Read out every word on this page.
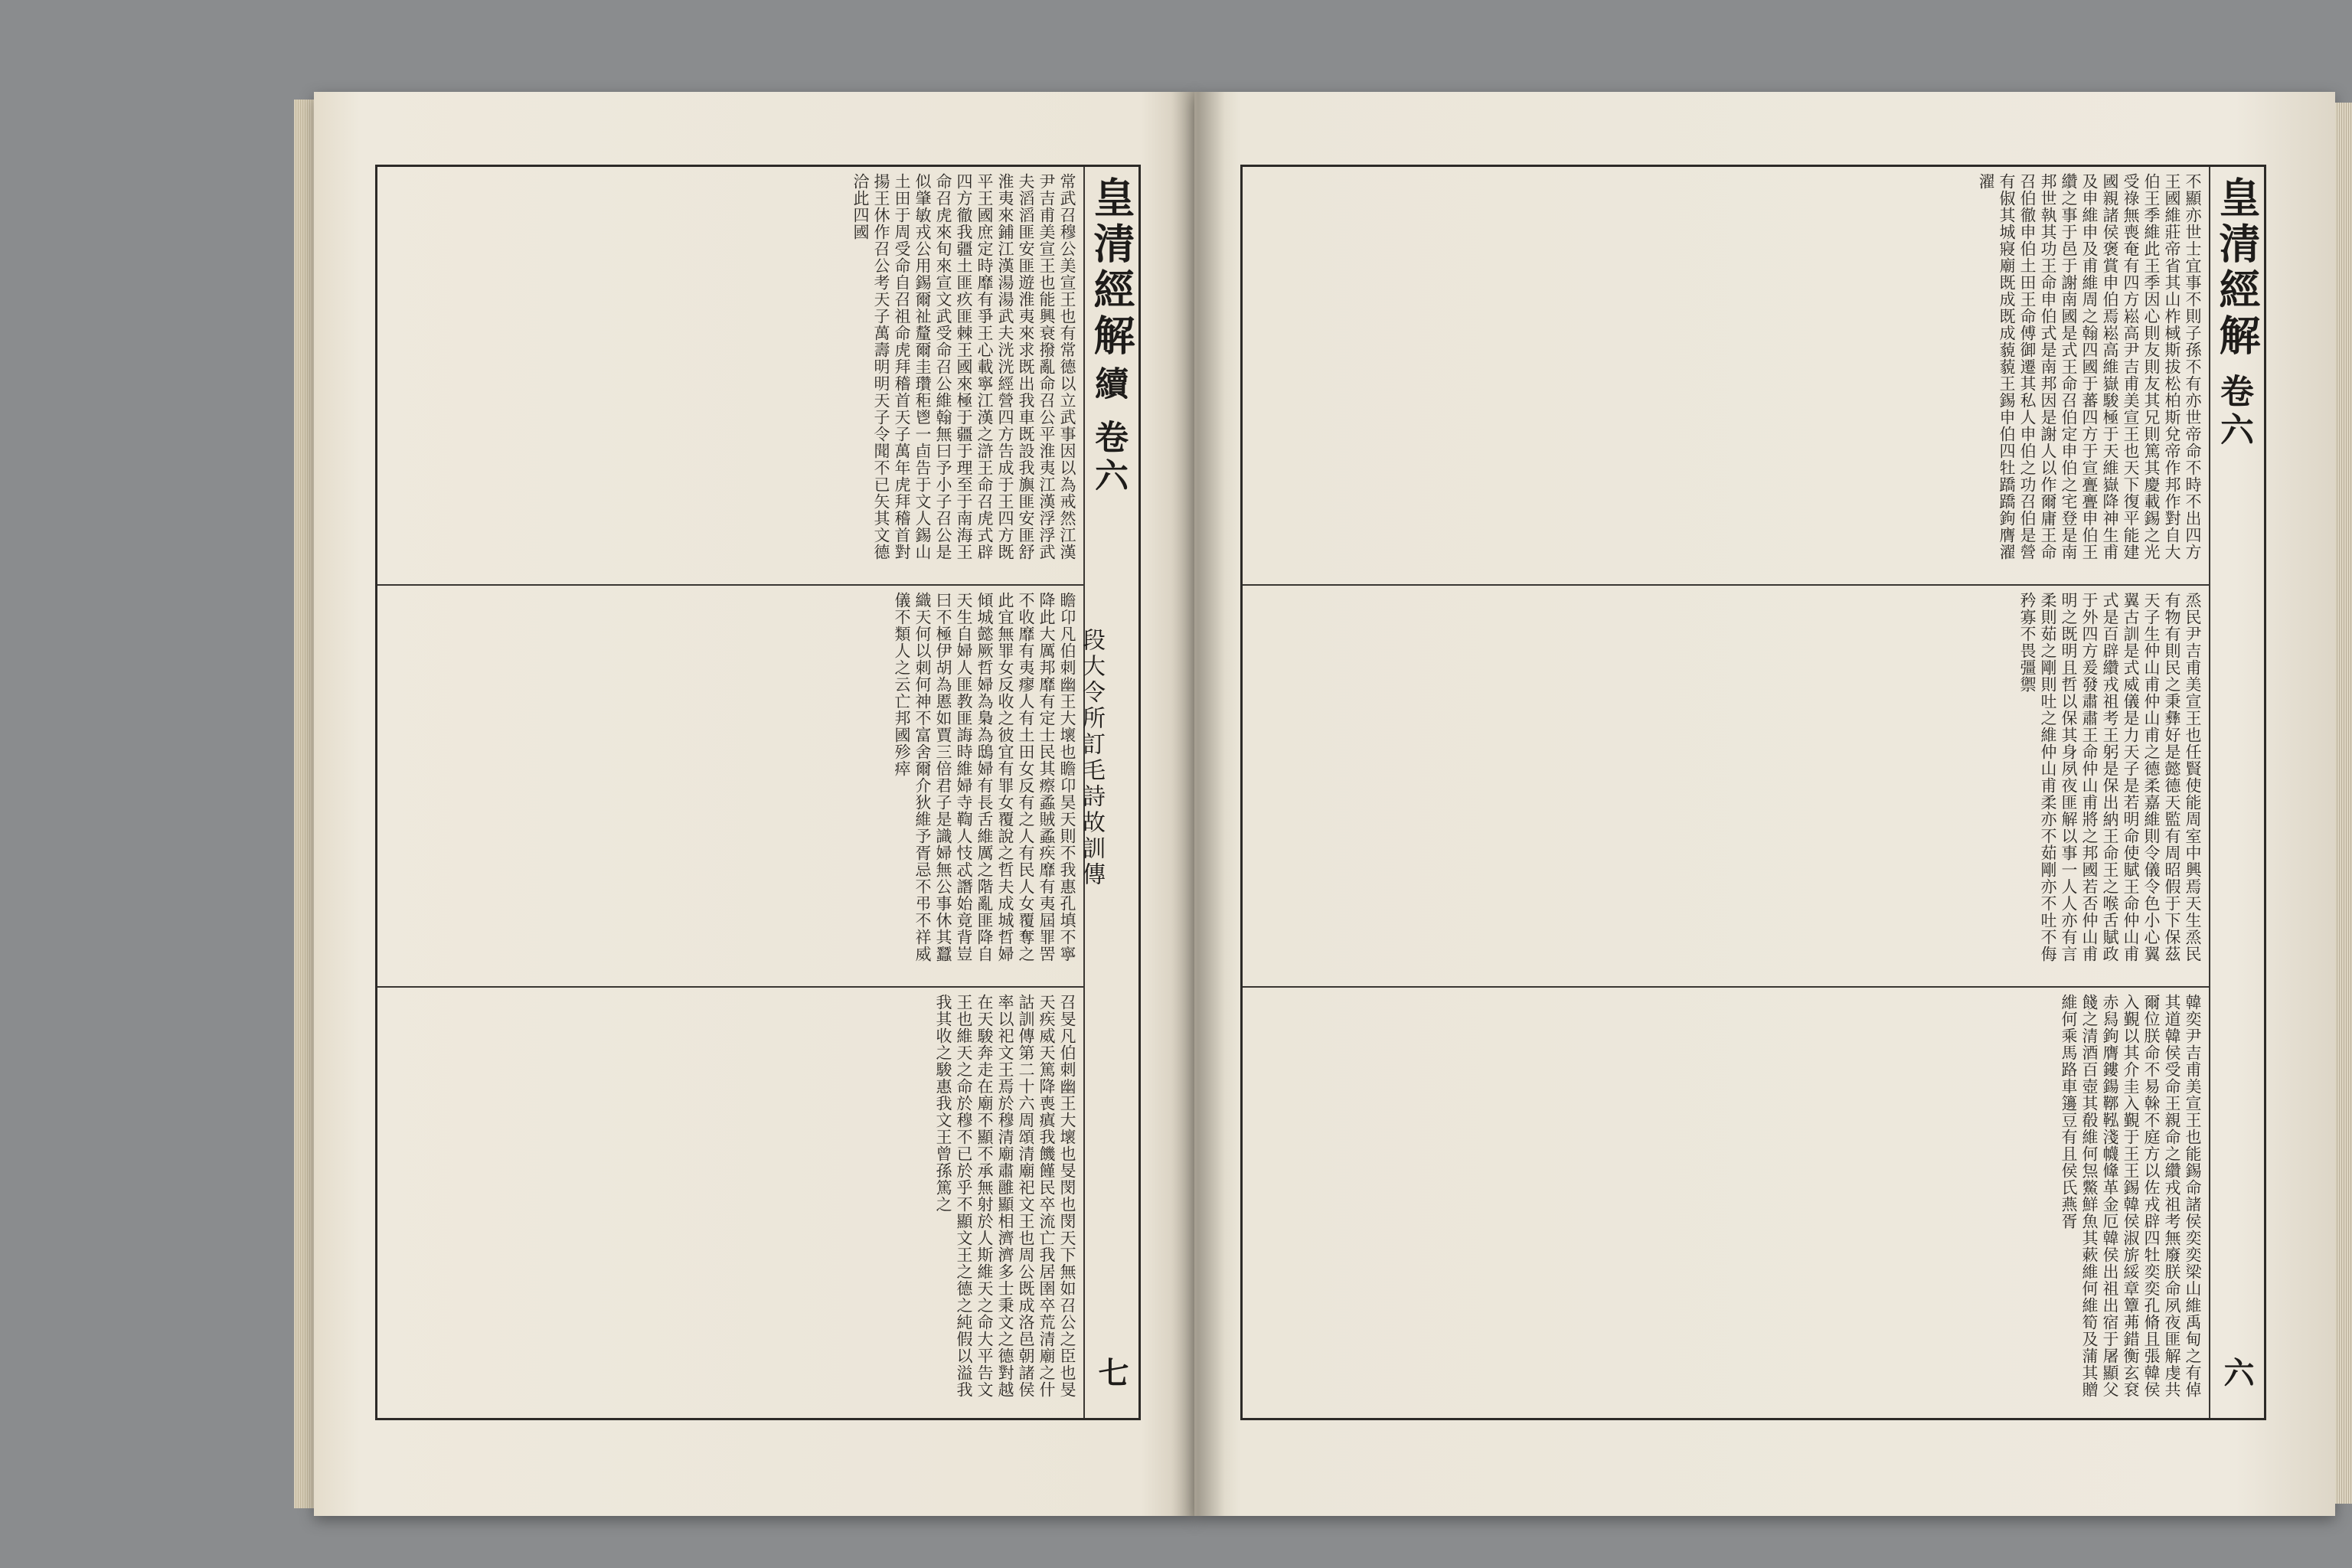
皇清經解
續
卷六
七
常武召穆公美宣王也有常德以立武事因以為戒然江漢尹吉甫美宣王也能興衰撥亂命召公平淮夷江漢浮浮武夫滔滔匪安匪遊淮夷來求既出我車既設我旟匪安匪舒淮夷來鋪江漢湯湯武夫洸洸經營四方告成于王四方既平王國庶定時靡有爭王心載寧江漢之滸王命召虎式辟四方徹我疆土匪疚匪棘王國來極于疆于理至于南海王命召虎來旬來宣文武受命召公維翰無曰予小子召公是似肇敏戎公用錫爾祉釐爾圭瓚秬鬯一卣告于文人錫山土田于周受命自召祖命虎拜稽首天子萬年虎拜稽首對揚王休作召公考天子萬壽明明天子令聞不已矢其文德洽此四國
瞻卬凡伯刺幽王大壞也瞻卬昊天則不我惠孔填不寧降此大厲邦靡有定士民其瘵蟊賊蟊疾靡有夷屆罪罟不收靡有夷瘳人有土田女反有之人有民人女覆奪之此宜無罪女反收之彼宜有罪女覆說之哲夫成城哲婦傾城懿厥哲婦為梟為鴟婦有長舌維厲之階亂匪降自天生自婦人匪教匪誨時維婦寺鞫人忮忒譖始竟背豈曰不極伊胡為慝如賈三倍君子是識婦無公事休其蠶織天何以刺何神不富舍爾介狄維予胥忌不弔不祥威儀不類人之云亡邦國殄瘁
召旻凡伯刺幽王大壞也旻閔也閔天下無如召公之臣也旻天疾威天篤降喪瘨我饑饉民卒流亡我居圉卒荒清廟之什詁訓傳第二十六周頌清廟祀文王也周公既成洛邑朝諸侯率以祀文王焉於穆清廟肅雝顯相濟濟多士秉文之德對越在天駿奔走在廟不顯不承無射於人斯維天之命大平告文王也維天之命於穆不已於乎不顯文王之德之純假以溢我我其收之駿惠我文王曾孫篤之
段大令所訂毛詩故訓傳
皇清經解
卷六
六
不顯亦世士宜事不則子孫不有亦世帝命不時不出四方王國維莊帝省其山柞棫斯拔松柏斯兌帝作邦作對自大伯王季維此王季因心則友則友其兄則篤其慶載錫之光受祿無喪奄有四方崧高尹吉甫美宣王也天下復平能建國親諸侯褒賞申伯焉崧高維嶽駿極于天維嶽降神生甫及申維申及甫維周之翰四國于蕃四方于宣亹亹申伯王纘之事于邑于謝南國是式王命召伯定申伯之宅登是南邦世執其功王命申伯式是南邦因是謝人以作爾庸王命召伯徹申伯土田王命傅御遷其私人申伯之功召伯是營有俶其城寢廟既成既成藐藐王錫申伯四牡蹻蹻鉤膺濯濯
烝民尹吉甫美宣王也任賢使能周室中興焉天生烝民有物有則民之秉彝好是懿德天監有周昭假于下保茲天子生仲山甫仲山甫之德柔嘉維則令儀令色小心翼翼古訓是式威儀是力天子是若明命使賦王命仲山甫式是百辟纘戎祖考王躬是保出納王命王之喉舌賦政于外四方爰發肅肅王命仲山甫將之邦國若否仲山甫明之既明且哲以保其身夙夜匪解以事一人人亦有言柔則茹之剛則吐之維仲山甫柔亦不茹剛亦不吐不侮矜寡不畏彊禦
韓奕尹吉甫美宣王也能錫命諸侯奕奕梁山維禹甸之有倬其道韓侯受命王親命之纘戎祖考無廢朕命夙夜匪解虔共爾位朕命不易榦不庭方以佐戎辟四牡奕奕孔脩且張韓侯入覲以其介圭入覲于王王錫韓侯淑旂綏章簟茀錯衡玄袞赤舄鉤膺鏤鍚鞹鞃淺幭鞗革金厄韓侯出祖出宿于屠顯父餞之清酒百壺其殽維何炰鱉鮮魚其蔌維何維筍及蒲其贈維何乘馬路車籩豆有且侯氏燕胥
